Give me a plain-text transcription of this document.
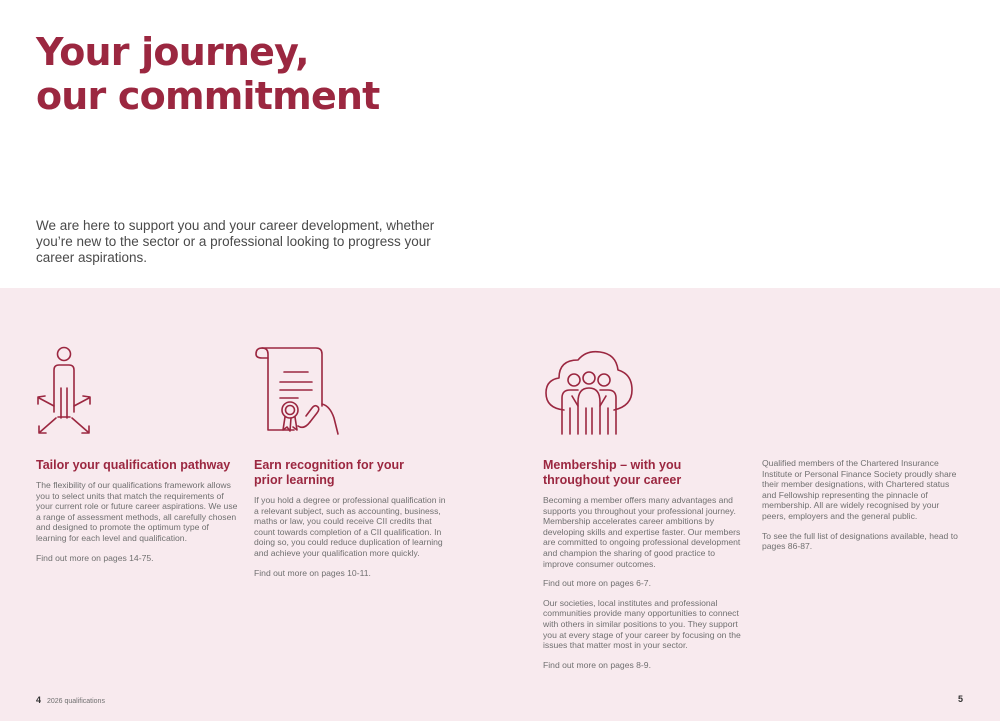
Your journey,
our commitment

We are here to support you and your career development, whether you’re new to the sector or a professional looking to progress your career aspirations.

Tailor your qualification pathway

The flexibility of our qualifications framework allows you to select units that match the requirements of your current role or future career aspirations. We use a range of assessment methods, all carefully chosen and designed to promote the optimum type of learning for each level and qualification.

Find out more on pages 14-75.

Earn recognition for your prior learning

If you hold a degree or professional qualification in a relevant subject, such as accounting, business, maths or law, you could receive CII credits that count towards completion of a CII qualification. In doing so, you could reduce duplication of learning and achieve your qualification more quickly.

Find out more on pages 10-11.

Membership – with you throughout your career

Becoming a member offers many advantages and supports you throughout your professional journey. Membership accelerates career ambitions by developing skills and expertise faster. Our members are committed to ongoing professional development and champion the sharing of good practice to improve consumer outcomes.

Find out more on pages 6-7.

Our societies, local institutes and professional communities provide many opportunities to connect with others in similar positions to you. They support you at every stage of your career by focusing on the issues that matter most in your sector.

Find out more on pages 8-9.

Qualified members of the Chartered Insurance Institute or Personal Finance Society proudly share their member designations, with Chartered status and Fellowship representing the pinnacle of membership. All are widely recognised by your peers, employers and the general public.

To see the full list of designations available, head to pages 86-87.

4 2026 qualifications	5
